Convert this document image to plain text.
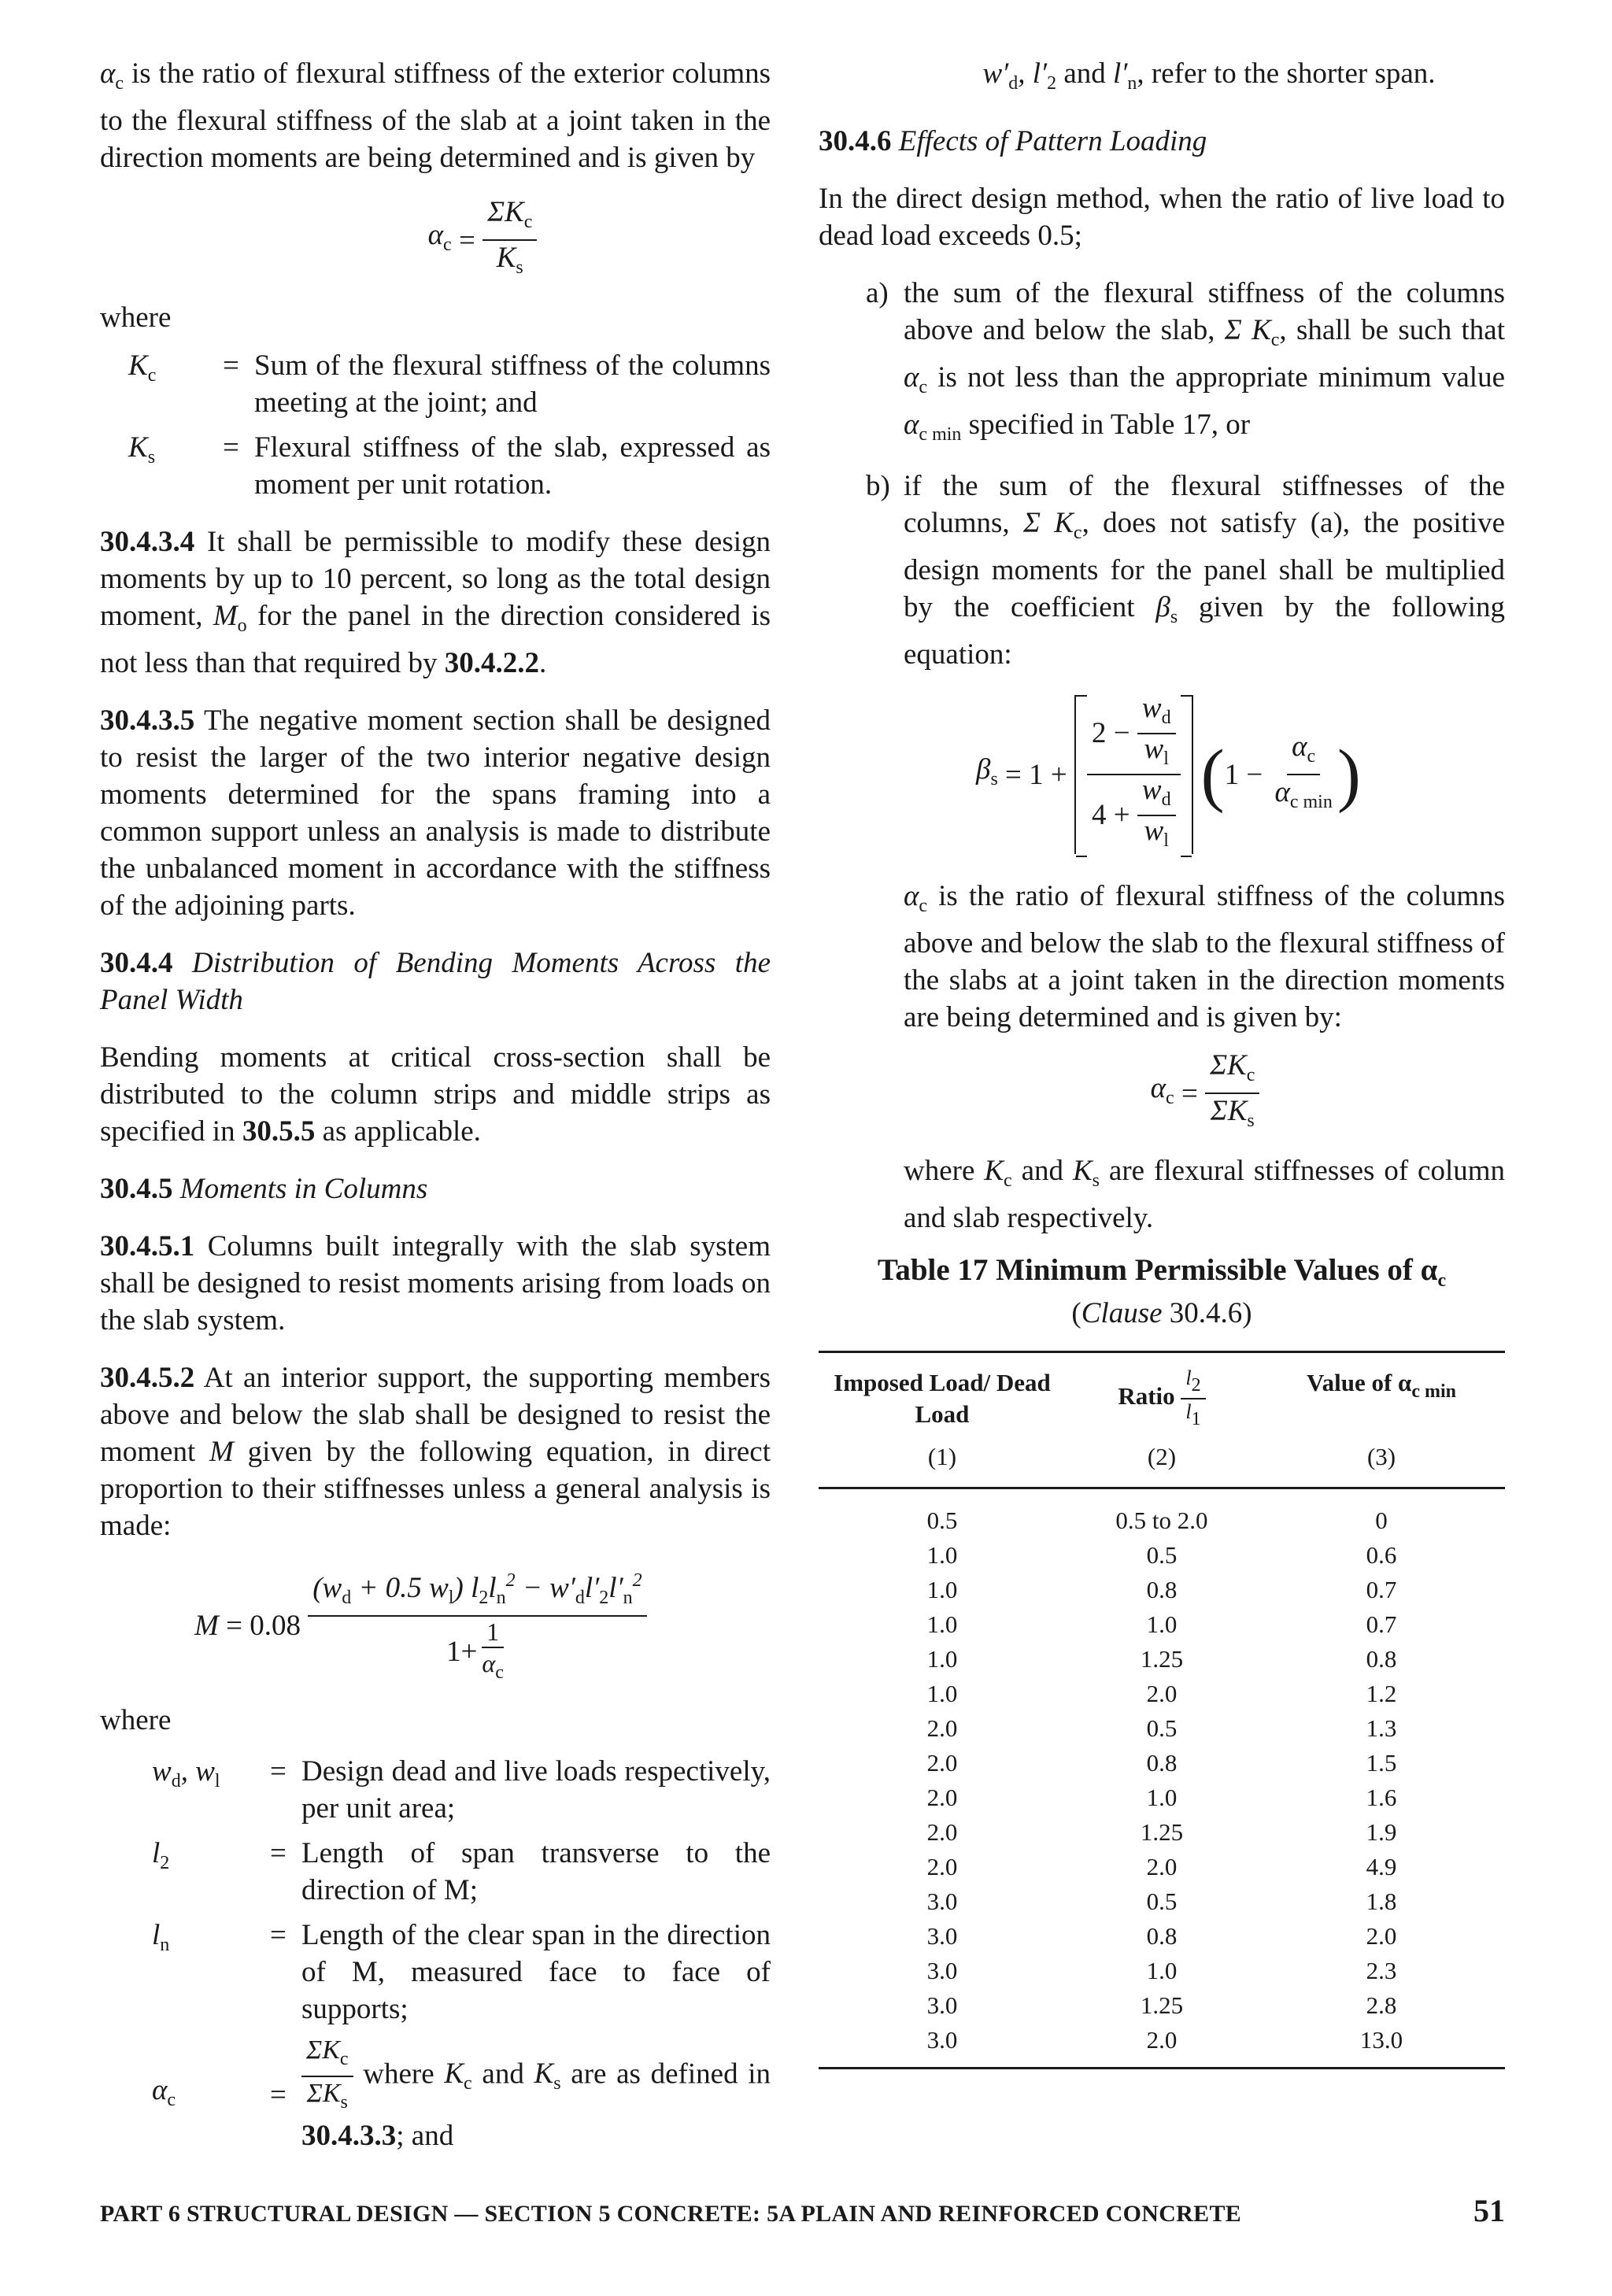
$\alpha_c$ is the ratio of flexural stiffness of the exterior columns to the flexural stiffness of the slab at a joint taken in the direction moments are being determined and is given by

$\alpha_c = \frac{\Sigma K_c}{K_s}$

where

$K_c$	= Sum of the flexural stiffness of the columns meeting at the joint; and
$K_s$	= Flexural stiffness of the slab, expressed as moment per unit rotation.

30.4.3.4 It shall be permissible to modify these design moments by up to 10 percent, so long as the total design moment, $M_o$ for the panel in the direction considered is not less than that required by 30.4.2.2.

30.4.3.5 The negative moment section shall be designed to resist the larger of the two interior negative design moments determined for the spans framing into a common support unless an analysis is made to distribute the unbalanced moment in accordance with the stiffness of the adjoining parts.

30.4.4 Distribution of Bending Moments Across the Panel Width

Bending moments at critical cross-section shall be distributed to the column strips and middle strips as specified in 30.5.5 as applicable.

30.4.5 Moments in Columns

30.4.5.1 Columns built integrally with the slab system shall be designed to resist moments arising from loads on the slab system.

30.4.5.2 At an interior support, the supporting members above and below the slab shall be designed to resist the moment M given by the following equation, in direct proportion to their stiffnesses unless a general analysis is made:

$M = 0.08 \frac{(w_d + 0.5 w_l) l_2l_n^2 - w'_dl'_2l'_n^2}{1+ \frac{1}{\alpha_c}}$

where

$w_d$, $w_l$	= Design dead and live loads respectively, per unit area;
$l_2$	= Length of span transverse to the direction of M;
$l_n$	= Length of the clear span in the direction of M, measured face to face of supports;
$\alpha_c$	= $\frac{\Sigma K_c}{\Sigma K_s}$ where $K_c$ and $K_s$ are as defined in 30.4.3.3; and

$w'_d$, $l'_2$ and $l'_n$, refer to the shorter span.

30.4.6 Effects of Pattern Loading

In the direct design method, when the ratio of live load to dead load exceeds 0.5;

a) the sum of the flexural stiffness of the columns above and below the slab, Σ $K_c$, shall be such that $\alpha_c$ is not less than the appropriate minimum value $\alpha_{c min}$ specified in Table 17, or
b) if the sum of the flexural stiffnesses of the columns, Σ $K_c$, does not satisfy (a), the positive design moments for the panel shall be multiplied by the coefficient $\beta_s$ given by the following equation:
$\beta_s = 1 + \frac{2 - \frac{w_d}{w_l}}{4 + \frac{w_d}{w_l}}$ ( $1 - \frac{\alpha_c}{\alpha_{c min}}$ )
$\alpha_c$ is the ratio of flexural stiffness of the columns above and below the slab to the flexural stiffness of the slabs at a joint taken in the direction moments are being determined and is given by:
$\alpha_c = \frac{\Sigma K_c}{\Sigma K_s}$
where $K_c$ and $K_s$ are flexural stiffnesses of column and slab respectively.
Table 17 Minimum Permissible Values of $\alpha_c$
(Clause 30.4.6)
Imposed Load/ Dead Load	Ratio $\frac{l2}{l1}$	Value of $\alpha_{c min}$
(1)	(2)	(3)
0.5	0.5 to 2.0	0
1.0	0.5	0.6
1.0	0.8	0.7
1.0	1.0	0.7
1.0	1.25	0.8
1.0	2.0	1.2
2.0	0.5	1.3
2.0	0.8	1.5
2.0	1.0	1.6
2.0	1.25	1.9
2.0	2.0	4.9
3.0	0.5	1.8
3.0	0.8	2.0
3.0	1.0	2.3
3.0	1.25	2.8
3.0	2.0	13.0
PART 6 STRUCTURAL DESIGN — SECTION 5 CONCRETE: 5A PLAIN AND REINFORCED CONCRETE	51
